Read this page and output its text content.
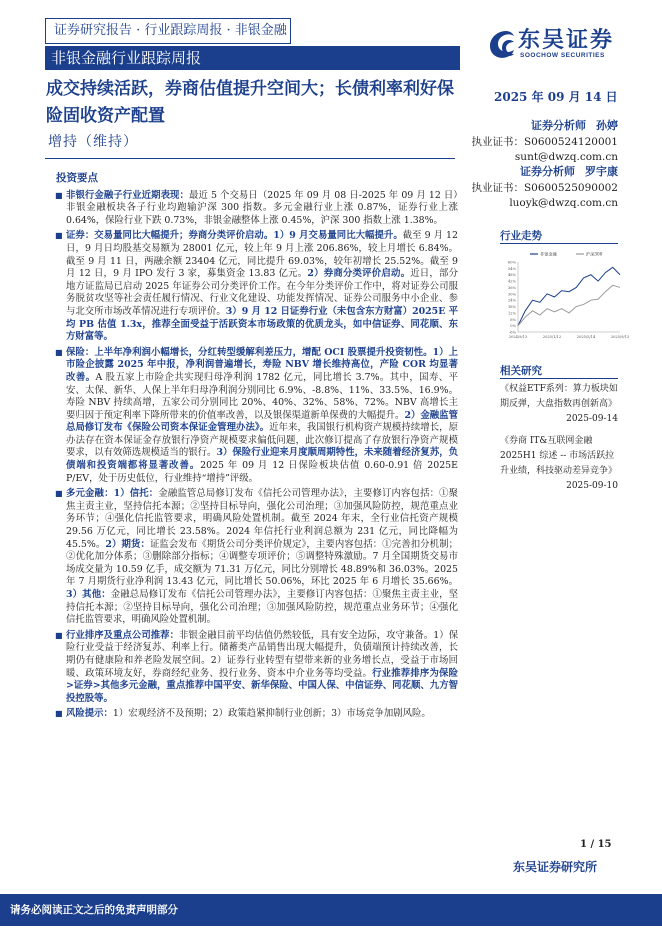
证券研究报告 · 行业跟踪周报 · 非银金融
非银金融行业跟踪周报
东吴证券
SOOCHOW SECURITIES
成交持续活跃，券商估值提升空间大；长债利率利好保险固收资产配置
增持（维持）
2025 年 09 月 14 日
证券分析师 孙婷
执业证书：S0600524120001
sunt@dwzq.com.cn
证券分析师 罗宇康
执业证书：S0600525090002
luoyk@dwzq.com.cn

投资要点

■ 非银行金融子行业近期表现：最近 5 个交易日（2025 年 09 月 08 日-2025 年 09 月 12 日）非银金融板块各子行业均跑输沪深 300 指数。多元金融行业上涨 0.87%，证券行业上涨 0.64%，保险行业下跌 0.73%，非银金融整体上涨 0.45%，沪深 300 指数上涨 1.38%。

■ 证券：交易量同比大幅提升；券商分类评价启动。1）9 月交易量同比大幅提升。截至 9 月 12 日，9 月日均股基交易额为 28001 亿元，较上年 9 月上涨 206.86%，较上月增长 6.84%。截至 9 月 11 日，两融余额 23404 亿元，同比提升 69.03%，较年初增长 25.52%。截至 9 月 12 日，9 月 IPO 发行 3 家，募集资金 13.83 亿元。2）券商分类评价启动。近日，部分地方证监局已启动 2025 年证券公司分类评价工作。在今年分类评价工作中，将对证券公司服务脱贫攻坚等社会责任履行情况、行业文化建设、功能发挥情况、证券公司服务中小企业、参与北交所市场改革情况进行专项评价。3）9 月 12 日证券行业（未包含东方财富）2025E 平均 PB 估值 1.3x，推荐全面受益于活跃资本市场政策的优质龙头，如中信证券、同花顺、东方财富等。

■ 保险：上半年净利润小幅增长，分红转型缓解利差压力，增配 OCI 股票提升投资韧性。1）上市险企披露 2025 年中报，净利润普遍增长，寿险 NBV 增长维持高位，产险 COR 均显著改善。A 股五家上市险企共实现归母净利润 1782 亿元，同比增长 3.7%。其中，国寿、平安、太保、新华、人保上半年归母净利润分别同比 6.9%、-8.8%、11%、33.5%、16.9%。寿险 NBV 持续高增，五家公司分别同比 20%、40%、32%、58%、72%。NBV 高增长主要归因于预定利率下降所带来的价值率改善，以及银保渠道新单保费的大幅提升。2）金融监管总局修订发布《保险公司资本保证金管理办法》。近年来，我国银行机构资产规模持续增长，原办法存在资本保证金存放银行净资产规模要求偏低问题，此次修订提高了存放银行净资产规模要求，以有效筛选规模适当的银行。3）保险行业迎来月度顺周期特性，未来随着经济复苏，负债端和投资端都将显著改善。2025 年 09 月 12 日保险板块估值 0.60-0.91 倍 2025E P/EV，处于历史低位，行业维持“增持”评级。

■ 多元金融：1）信托：金融监管总局修订发布《信托公司管理办法》，主要修订内容包括：①聚焦主责主业，坚持信托本源；②坚持目标导向，强化公司治理；③加强风险防控，规范重点业务环节；④强化信托监管要求，明确风险处置机制。截至 2024 年末，全行业信托资产规模 29.56 万亿元，同比增长 23.58%。2024 年信托行业利润总额为 231 亿元，同比降幅为 45.5%。2）期货：证监会发布《期货公司分类评价规定》，主要内容包括：①完善扣分机制；②优化加分体系；③删除部分指标；④调整专项评价；⑤调整特殊激励。7 月全国期货交易市场成交量为 10.59 亿手，成交额为 71.31 万亿元，同比分别增长 48.89%和 36.03%。2025 年 7 月期货行业净利润 13.43 亿元，同比增长 50.06%，环比 2025 年 6 月增长 35.66%。3）其他：金融总局修订发布《信托公司管理办法》，主要修订内容包括：①聚焦主责主业，坚持信托本源；②坚持目标导向，强化公司治理；③加强风险防控，规范重点业务环节；④强化信托监管要求，明确风险处置机制。

■ 行业排序及重点公司推荐：非银金融目前平均估值仍然较低，具有安全边际，攻守兼备。1）保险行业受益于经济复苏、利率上行。储蓄类产品销售出现大幅提升，负债端预计持续改善，长期仍有健康险和养老险发展空间。2）证券行业转型有望带来新的业务增长点，受益于市场回暖、政策环境友好，券商经纪业务、投行业务、资本中介业务等均受益。行业推荐排序为保险>证券>其他多元金融，重点推荐中国平安、新华保险、中国人保、中信证券、同花顺、九方智投控股等。

■ 风险提示：1）宏观经济不及预期；2）政策趋紧抑制行业创新；3）市场竞争加剧风险。

行业走势
60%
54%
48%
42%
36%
30%
24%
18%
12%
6%
0%
-6%
2024/9/13	2025/1/12	2025/5/14	2025/9/13
非银金融	沪深300
相关研究
《权益ETF系列：算力板块如期反弹，大盘指数再创新高》
2025-09-14
《券商 IT&互联网金融 2025H1 综述 -- 市场活跃拉升业绩，科技驱动差异竞争》
2025-09-10
1 / 15
东吴证券研究所
请务必阅读正文之后的免责声明部分
